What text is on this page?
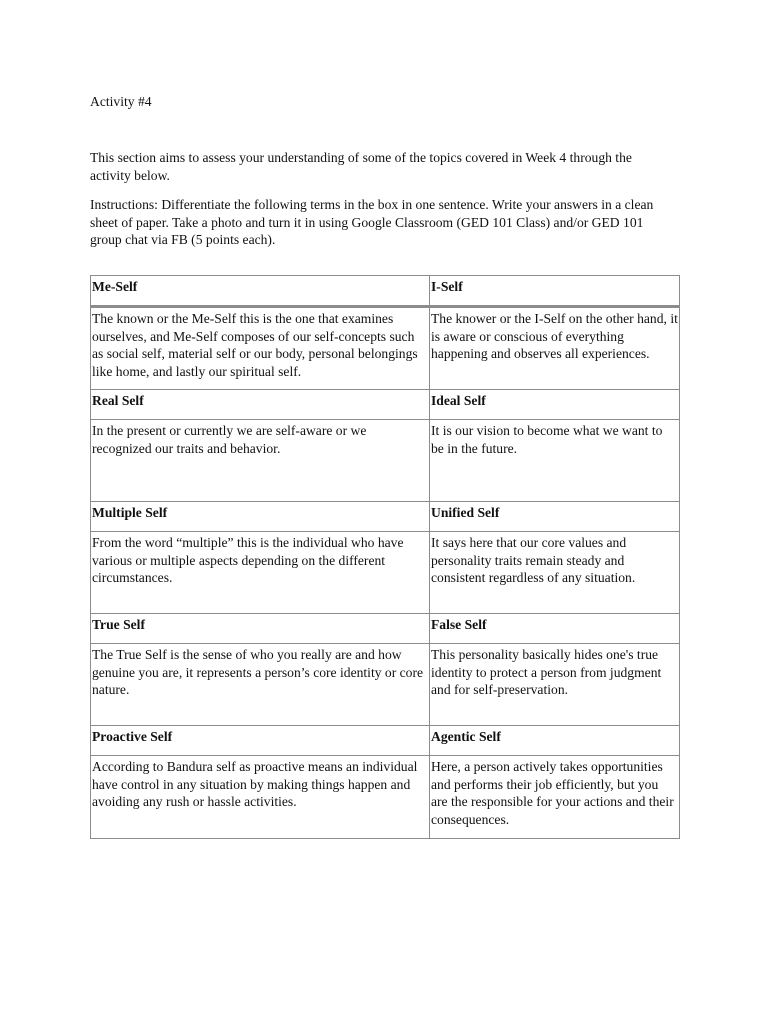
Activity #4

This section aims to assess your understanding of some of the topics covered in Week 4 through the activity below.

Instructions: Differentiate the following terms in the box in one sentence. Write your answers in a clean sheet of paper. Take a photo and turn it in using Google Classroom (GED 101 Class) and/or GED 101 group chat via FB (5 points each).

Me-Self	I-Self
The known or the Me-Self this is the one that examines ourselves, and Me-Self composes of our self-concepts such as social self, material self or our body, personal belongings like home, and lastly our spiritual self.	The knower or the I-Self on the other hand, it is aware or conscious of everything happening and observes all experiences.
Real Self	Ideal Self
In the present or currently we are self-aware or we recognized our traits and behavior.	It is our vision to become what we want to be in the future.
Multiple Self	Unified Self
From the word “multiple” this is the individual who have various or multiple aspects depending on the different circumstances.	It says here that our core values and personality traits remain steady and consistent regardless of any situation.
True Self	False Self
The True Self is the sense of who you really are and how genuine you are, it represents a person’s core identity or core nature.	This personality basically hides one's true identity to protect a person from judgment and for self-preservation.
Proactive Self	Agentic Self
According to Bandura self as proactive means an individual have control in any situation by making things happen and avoiding any rush or hassle activities.	Here, a person actively takes opportunities and performs their job efficiently, but you are the responsible for your actions and their consequences.
